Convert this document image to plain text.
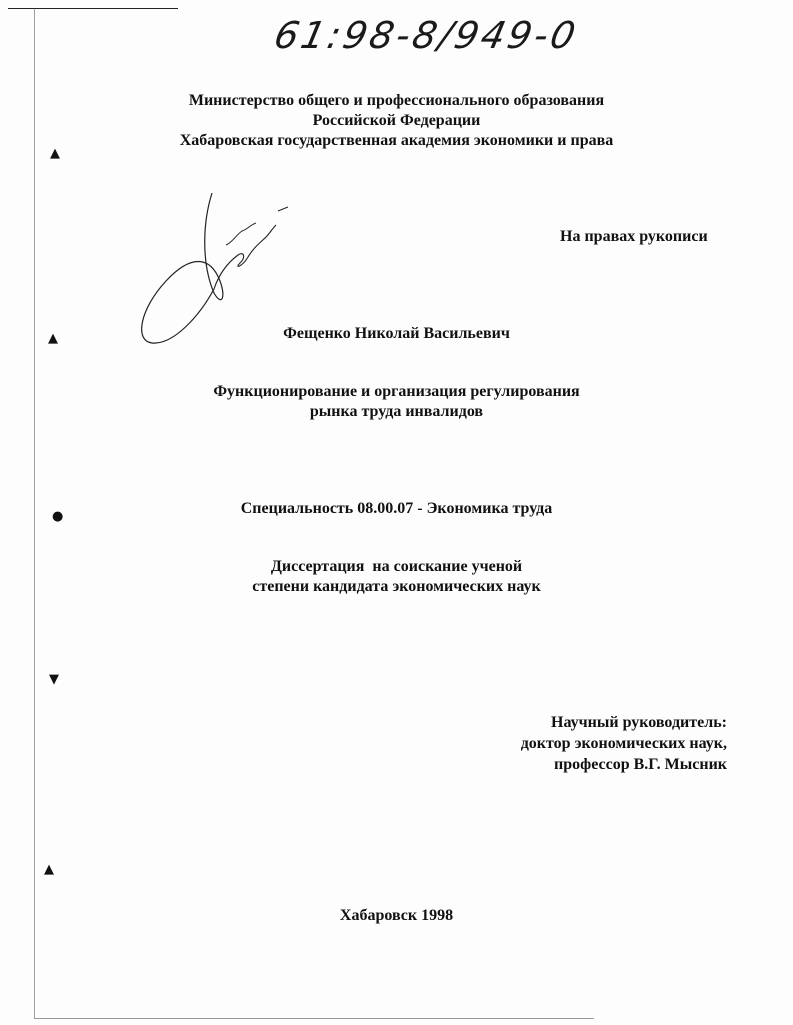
▲
▲
●
▼
▲
61:98-8/949-0
Министерство общего и профессионального образования
Российской Федерации
Хабаровская государственная академия экономики и права
На правах рукописи
Фещенко Николай Васильевич
Функционирование и организация регулирования
рынка труда инвалидов
Специальность 08.00.07 - Экономика труда
Диссертация  на соискание ученой
степени кандидата экономических наук
Научный руководитель:
доктор экономических наук,
профессор В.Г. Мысник
Хабаровск 1998
